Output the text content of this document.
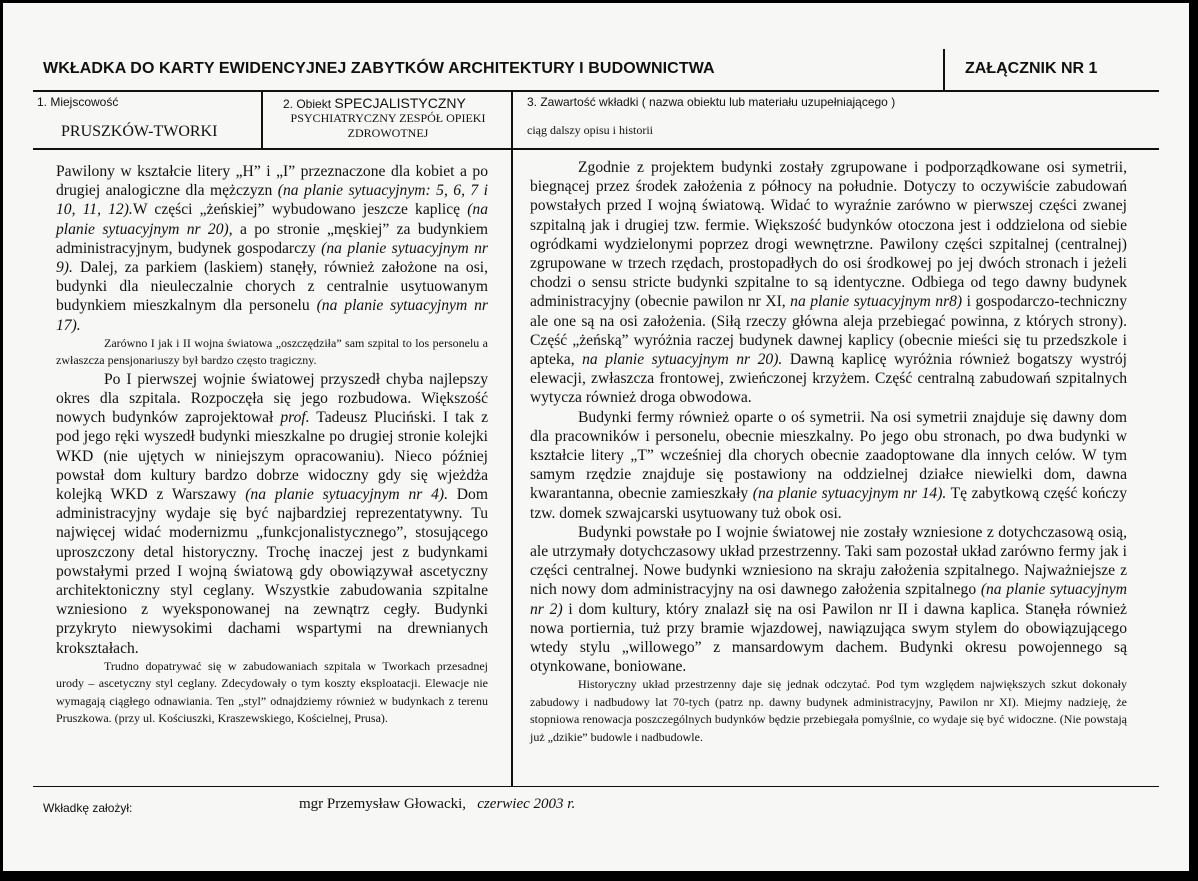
WKŁADKA DO KARTY EWIDENCYJNEJ ZABYTKÓW ARCHITEKTURY I BUDOWNICTWA	ZAŁĄCZNIK NR 1
1. Miejscowość
PRUSZKÓW-TWORKI
2. Obiekt SPECJALISTYCZNY
PSYCHIATRYCZNY ZESPÓŁ OPIEKI
ZDROWOTNEJ
3. Zawartość wkładki ( nazwa obiektu lub materiału uzupełniającego )
ciąg dalszy opisu i historii

Pawilony w kształcie litery „H” i „I” przeznaczone dla kobiet a po drugiej analogiczne dla mężczyzn (na planie sytuacyjnym: 5, 6, 7 i 10, 11, 12).W części „żeńskiej” wybudowano jeszcze kaplicę (na planie sytuacyjnym nr 20), a po stronie „męskiej” za budynkiem administracyjnym, budynek gospodarczy (na planie sytuacyjnym nr 9). Dalej, za parkiem (laskiem) stanęły, również założone na osi, budynki dla nieuleczalnie chorych z centralnie usytuowanym budynkiem mieszkalnym dla personelu (na planie sytuacyjnym nr 17).

Zarówno I jak i II wojna światowa „oszczędziła” sam szpital to los personelu a zwłaszcza pensjonariuszy był bardzo często tragiczny.

Po I pierwszej wojnie światowej przyszedł chyba najlepszy okres dla szpitala. Rozpoczęła się jego rozbudowa. Większość nowych budynków zaprojektował prof. Tadeusz Pluciński. I tak z pod jego ręki wyszedł budynki mieszkalne po drugiej stronie kolejki WKD (nie ujętych w niniejszym opracowaniu). Nieco później powstał dom kultury bardzo dobrze widoczny gdy się wjeżdża kolejką WKD z Warszawy (na planie sytuacyjnym nr 4). Dom administracyjny wydaje się być najbardziej reprezentatywny. Tu najwięcej widać modernizmu „funkcjonalistycznego”, stosującego uproszczony detal historyczny. Trochę inaczej jest z budynkami powstałymi przed I wojną światową gdy obowiązywał ascetyczny architektoniczny styl ceglany. Wszystkie zabudowania szpitalne wzniesiono z wyeksponowanej na zewnątrz cegły. Budynki przykryto niewysokimi dachami wspartymi na drewnianych krokształach.

Trudno dopatrywać się w zabudowaniach szpitala w Tworkach przesadnej urody – ascetyczny styl ceglany. Zdecydowały o tym koszty eksploatacji. Elewacje nie wymagają ciągłego odnawiania. Ten „styl” odnajdziemy również w budynkach z terenu Pruszkowa. (przy ul. Kościuszki, Kraszewskiego, Kościelnej, Prusa).

Zgodnie z projektem budynki zostały zgrupowane i podporządkowane osi symetrii, biegnącej przez środek założenia z północy na południe. Dotyczy to oczywiście zabudowań powstałych przed I wojną światową. Widać to wyraźnie zarówno w pierwszej części zwanej szpitalną jak i drugiej tzw. fermie. Większość budynków otoczona jest i oddzielona od siebie ogródkami wydzielonymi poprzez drogi wewnętrzne. Pawilony części szpitalnej (centralnej) zgrupowane w trzech rzędach, prostopadłych do osi środkowej po jej dwóch stronach i jeżeli chodzi o sensu stricte budynki szpitalne to są identyczne. Odbiega od tego dawny budynek administracyjny (obecnie pawilon nr XI, na planie sytuacyjnym nr8) i gospodarczo-techniczny ale one są na osi założenia. (Siłą rzeczy główna aleja przebiegać powinna, z których strony). Część „żeńską” wyróżnia raczej budynek dawnej kaplicy (obecnie mieści się tu przedszkole i apteka, na planie sytuacyjnym nr 20). Dawną kaplicę wyróżnia również bogatszy wystrój elewacji, zwłaszcza frontowej, zwieńczonej krzyżem. Część centralną zabudowań szpitalnych wytycza również droga obwodowa.

Budynki fermy również oparte o oś symetrii. Na osi symetrii znajduje się dawny dom dla pracowników i personelu, obecnie mieszkalny. Po jego obu stronach, po dwa budynki w kształcie litery „T” wcześniej dla chorych obecnie zaadoptowane dla innych celów. W tym samym rzędzie znajduje się postawiony na oddzielnej działce niewielki dom, dawna kwarantanna, obecnie zamieszkały (na planie sytuacyjnym nr 14). Tę zabytkową część kończy tzw. domek szwajcarski usytuowany tuż obok osi.

Budynki powstałe po I wojnie światowej nie zostały wzniesione z dotychczasową osią, ale utrzymały dotychczasowy układ przestrzenny. Taki sam pozostał układ zarówno fermy jak i części centralnej. Nowe budynki wzniesiono na skraju założenia szpitalnego. Najważniejsze z nich nowy dom administracyjny na osi dawnego założenia szpitalnego (na planie sytuacyjnym nr 2) i dom kultury, który znalazł się na osi Pawilon nr II i dawna kaplica. Stanęła również nowa portiernia, tuż przy bramie wjazdowej, nawiązująca swym stylem do obowiązującego wtedy stylu „willowego” z mansardowym dachem. Budynki okresu powojennego są otynkowane, boniowane.

Historyczny układ przestrzenny daje się jednak odczytać. Pod tym względem największych szkut dokonały zabudowy i nadbudowy lat 70-tych (patrz np. dawny budynek administracyjny, Pawilon nr XI). Miejmy nadzieję, że stopniowa renowacja poszczególnych budynków będzie przebiegała pomyślnie, co wydaje się być widoczne. (Nie powstają już „dzikie” budowle i nadbudowle.

Wkładkę założył:	mgr Przemysław Głowacki, czerwiec 2003 r.
